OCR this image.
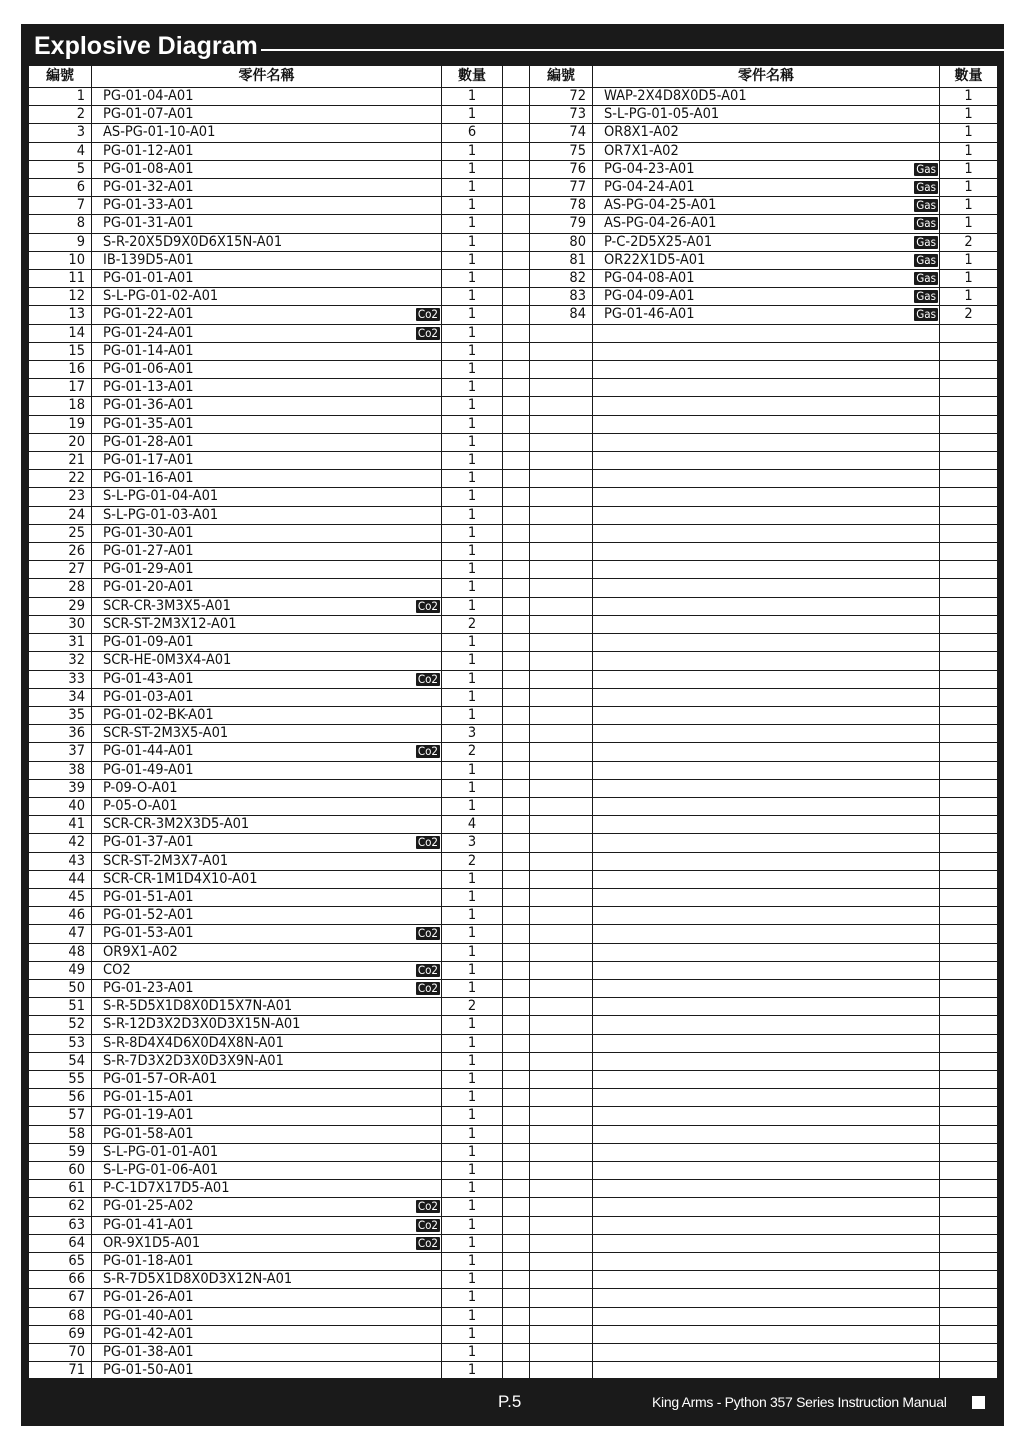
Explosive Diagram
編號	零件名稱	數量		編號	零件名稱	數量
1	PG-01-04-A01	1		72	WAP-2X4D8X0D5-A01	1
2	PG-01-07-A01	1		73	S-L-PG-01-05-A01	1
3	AS-PG-01-10-A01	6		74	OR8X1-A02	1
4	PG-01-12-A01	1		75	OR7X1-A02	1
5	PG-01-08-A01	1		76	PG-04-23-A01 Gas	1
6	PG-01-32-A01	1		77	PG-04-24-A01 Gas	1
7	PG-01-33-A01	1		78	AS-PG-04-25-A01 Gas	1
8	PG-01-31-A01	1		79	AS-PG-04-26-A01 Gas	1
9	S-R-20X5D9X0D6X15N-A01	1		80	P-C-2D5X25-A01 Gas	2
10	IB-139D5-A01	1		81	OR22X1D5-A01 Gas	1
11	PG-01-01-A01	1		82	PG-04-08-A01 Gas	1
12	S-L-PG-01-02-A01	1		83	PG-04-09-A01 Gas	1
13	PG-01-22-A01 Co2	1		84	PG-01-46-A01 Gas	2
14	PG-01-24-A01 Co2	1				
15	PG-01-14-A01	1				
16	PG-01-06-A01	1				
17	PG-01-13-A01	1				
18	PG-01-36-A01	1				
19	PG-01-35-A01	1				
20	PG-01-28-A01	1				
21	PG-01-17-A01	1				
22	PG-01-16-A01	1				
23	S-L-PG-01-04-A01	1				
24	S-L-PG-01-03-A01	1				
25	PG-01-30-A01	1				
26	PG-01-27-A01	1				
27	PG-01-29-A01	1				
28	PG-01-20-A01	1				
29	SCR-CR-3M3X5-A01 Co2	1				
30	SCR-ST-2M3X12-A01	2				
31	PG-01-09-A01	1				
32	SCR-HE-0M3X4-A01	1				
33	PG-01-43-A01 Co2	1				
34	PG-01-03-A01	1				
35	PG-01-02-BK-A01	1				
36	SCR-ST-2M3X5-A01	3				
37	PG-01-44-A01 Co2	2				
38	PG-01-49-A01	1				
39	P-09-O-A01	1				
40	P-05-O-A01	1				
41	SCR-CR-3M2X3D5-A01	4				
42	PG-01-37-A01 Co2	3				
43	SCR-ST-2M3X7-A01	2				
44	SCR-CR-1M1D4X10-A01	1				
45	PG-01-51-A01	1				
46	PG-01-52-A01	1				
47	PG-01-53-A01 Co2	1				
48	OR9X1-A02	1				
49	CO2 Co2	1				
50	PG-01-23-A01 Co2	1				
51	S-R-5D5X1D8X0D15X7N-A01	2				
52	S-R-12D3X2D3X0D3X15N-A01	1				
53	S-R-8D4X4D6X0D4X8N-A01	1				
54	S-R-7D3X2D3X0D3X9N-A01	1				
55	PG-01-57-OR-A01	1				
56	PG-01-15-A01	1				
57	PG-01-19-A01	1				
58	PG-01-58-A01	1				
59	S-L-PG-01-01-A01	1				
60	S-L-PG-01-06-A01	1				
61	P-C-1D7X17D5-A01	1				
62	PG-01-25-A02 Co2	1				
63	PG-01-41-A01 Co2	1				
64	OR-9X1D5-A01 Co2	1				
65	PG-01-18-A01	1				
66	S-R-7D5X1D8X0D3X12N-A01	1				
67	PG-01-26-A01	1				
68	PG-01-40-A01	1				
69	PG-01-42-A01	1				
70	PG-01-38-A01	1				
71	PG-01-50-A01	1				
P.5	King Arms - Python 357 Series Instruction Manual
